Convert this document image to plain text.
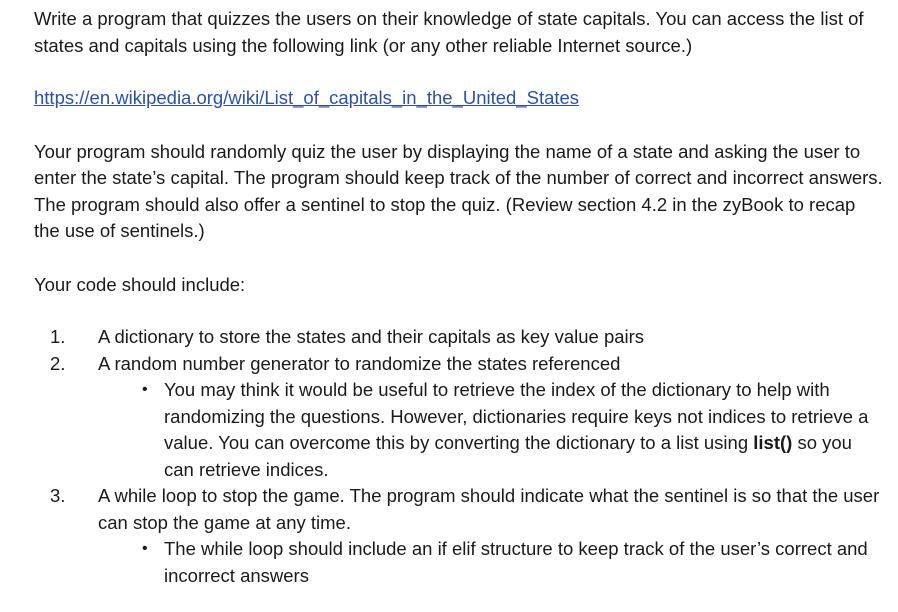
Write a program that quizzes the users on their knowledge of state capitals. You can access the list of states and capitals using the following link (or any other reliable Internet source.)

https://en.wikipedia.org/wiki/List_of_capitals_in_the_United_States

Your program should randomly quiz the user by displaying the name of a state and asking the user to enter the state’s capital. The program should keep track of the number of correct and incorrect answers. The program should also offer a sentinel to stop the quiz. (Review section 4.2 in the zyBook to recap the use of sentinels.)

Your code should include:

1. A dictionary to store the states and their capitals as key value pairs
2. A random number generator to randomize the states referenced
• You may think it would be useful to retrieve the index of the dictionary to help with randomizing the questions. However, dictionaries require keys not indices to retrieve a value. You can overcome this by converting the dictionary to a list using list() so you can retrieve indices.
3. A while loop to stop the game. The program should indicate what the sentinel is so that the user can stop the game at any time.
• The while loop should include an if elif structure to keep track of the user’s correct and incorrect answers
